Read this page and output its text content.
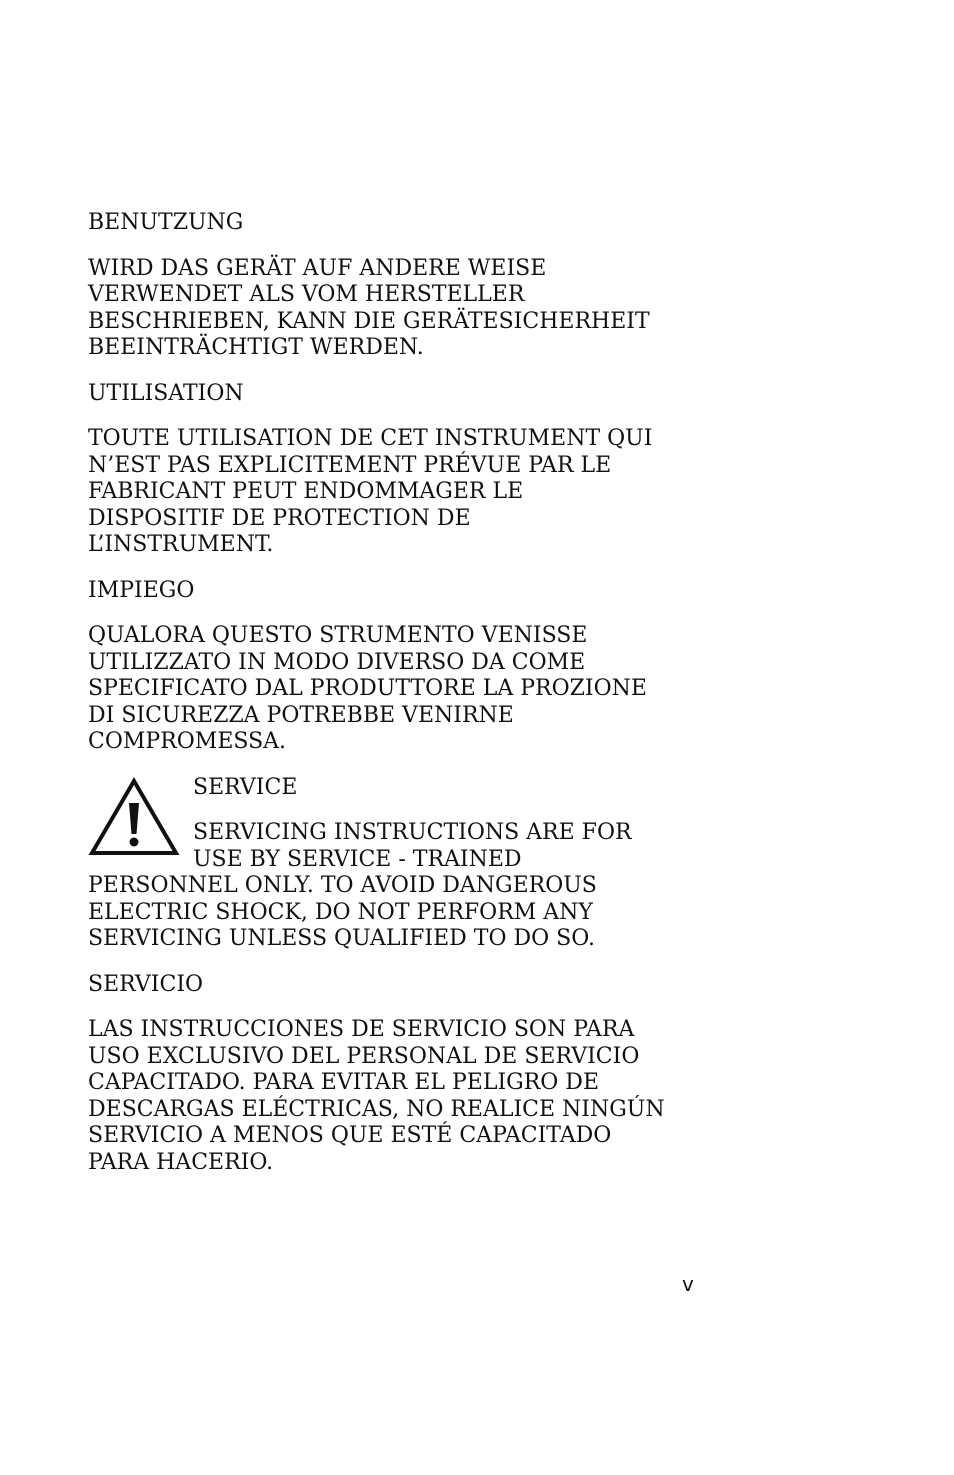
BENUTZUNG

WIRD DAS GERÄT AUF ANDERE WEISE
VERWENDET ALS VOM HERSTELLER
BESCHRIEBEN, KANN DIE GERÄTESICHERHEIT
BEEINTRÄCHTIGT WERDEN.

UTILISATION

TOUTE UTILISATION DE CET INSTRUMENT QUI
N’EST PAS EXPLICITEMENT PRÉVUE PAR LE
FABRICANT PEUT ENDOMMAGER LE
DISPOSITIF DE PROTECTION DE
L’INSTRUMENT.

IMPIEGO

QUALORA QUESTO STRUMENTO VENISSE
UTILIZZATO IN MODO DIVERSO DA COME
SPECIFICATO DAL PRODUTTORE LA PROZIONE
DI SICUREZZA POTREBBE VENIRNE
COMPROMESSA.

SERVICE

SERVICING INSTRUCTIONS ARE FOR
USE BY SERVICE - TRAINED
PERSONNEL ONLY. TO AVOID DANGEROUS
ELECTRIC SHOCK, DO NOT PERFORM ANY
SERVICING UNLESS QUALIFIED TO DO SO.

SERVICIO

LAS INSTRUCCIONES DE SERVICIO SON PARA
USO EXCLUSIVO DEL PERSONAL DE SERVICIO
CAPACITADO. PARA EVITAR EL PELIGRO DE
DESCARGAS ELÉCTRICAS, NO REALICE NINGÚN
SERVICIO A MENOS QUE ESTÉ CAPACITADO
PARA HACERIO.

v
